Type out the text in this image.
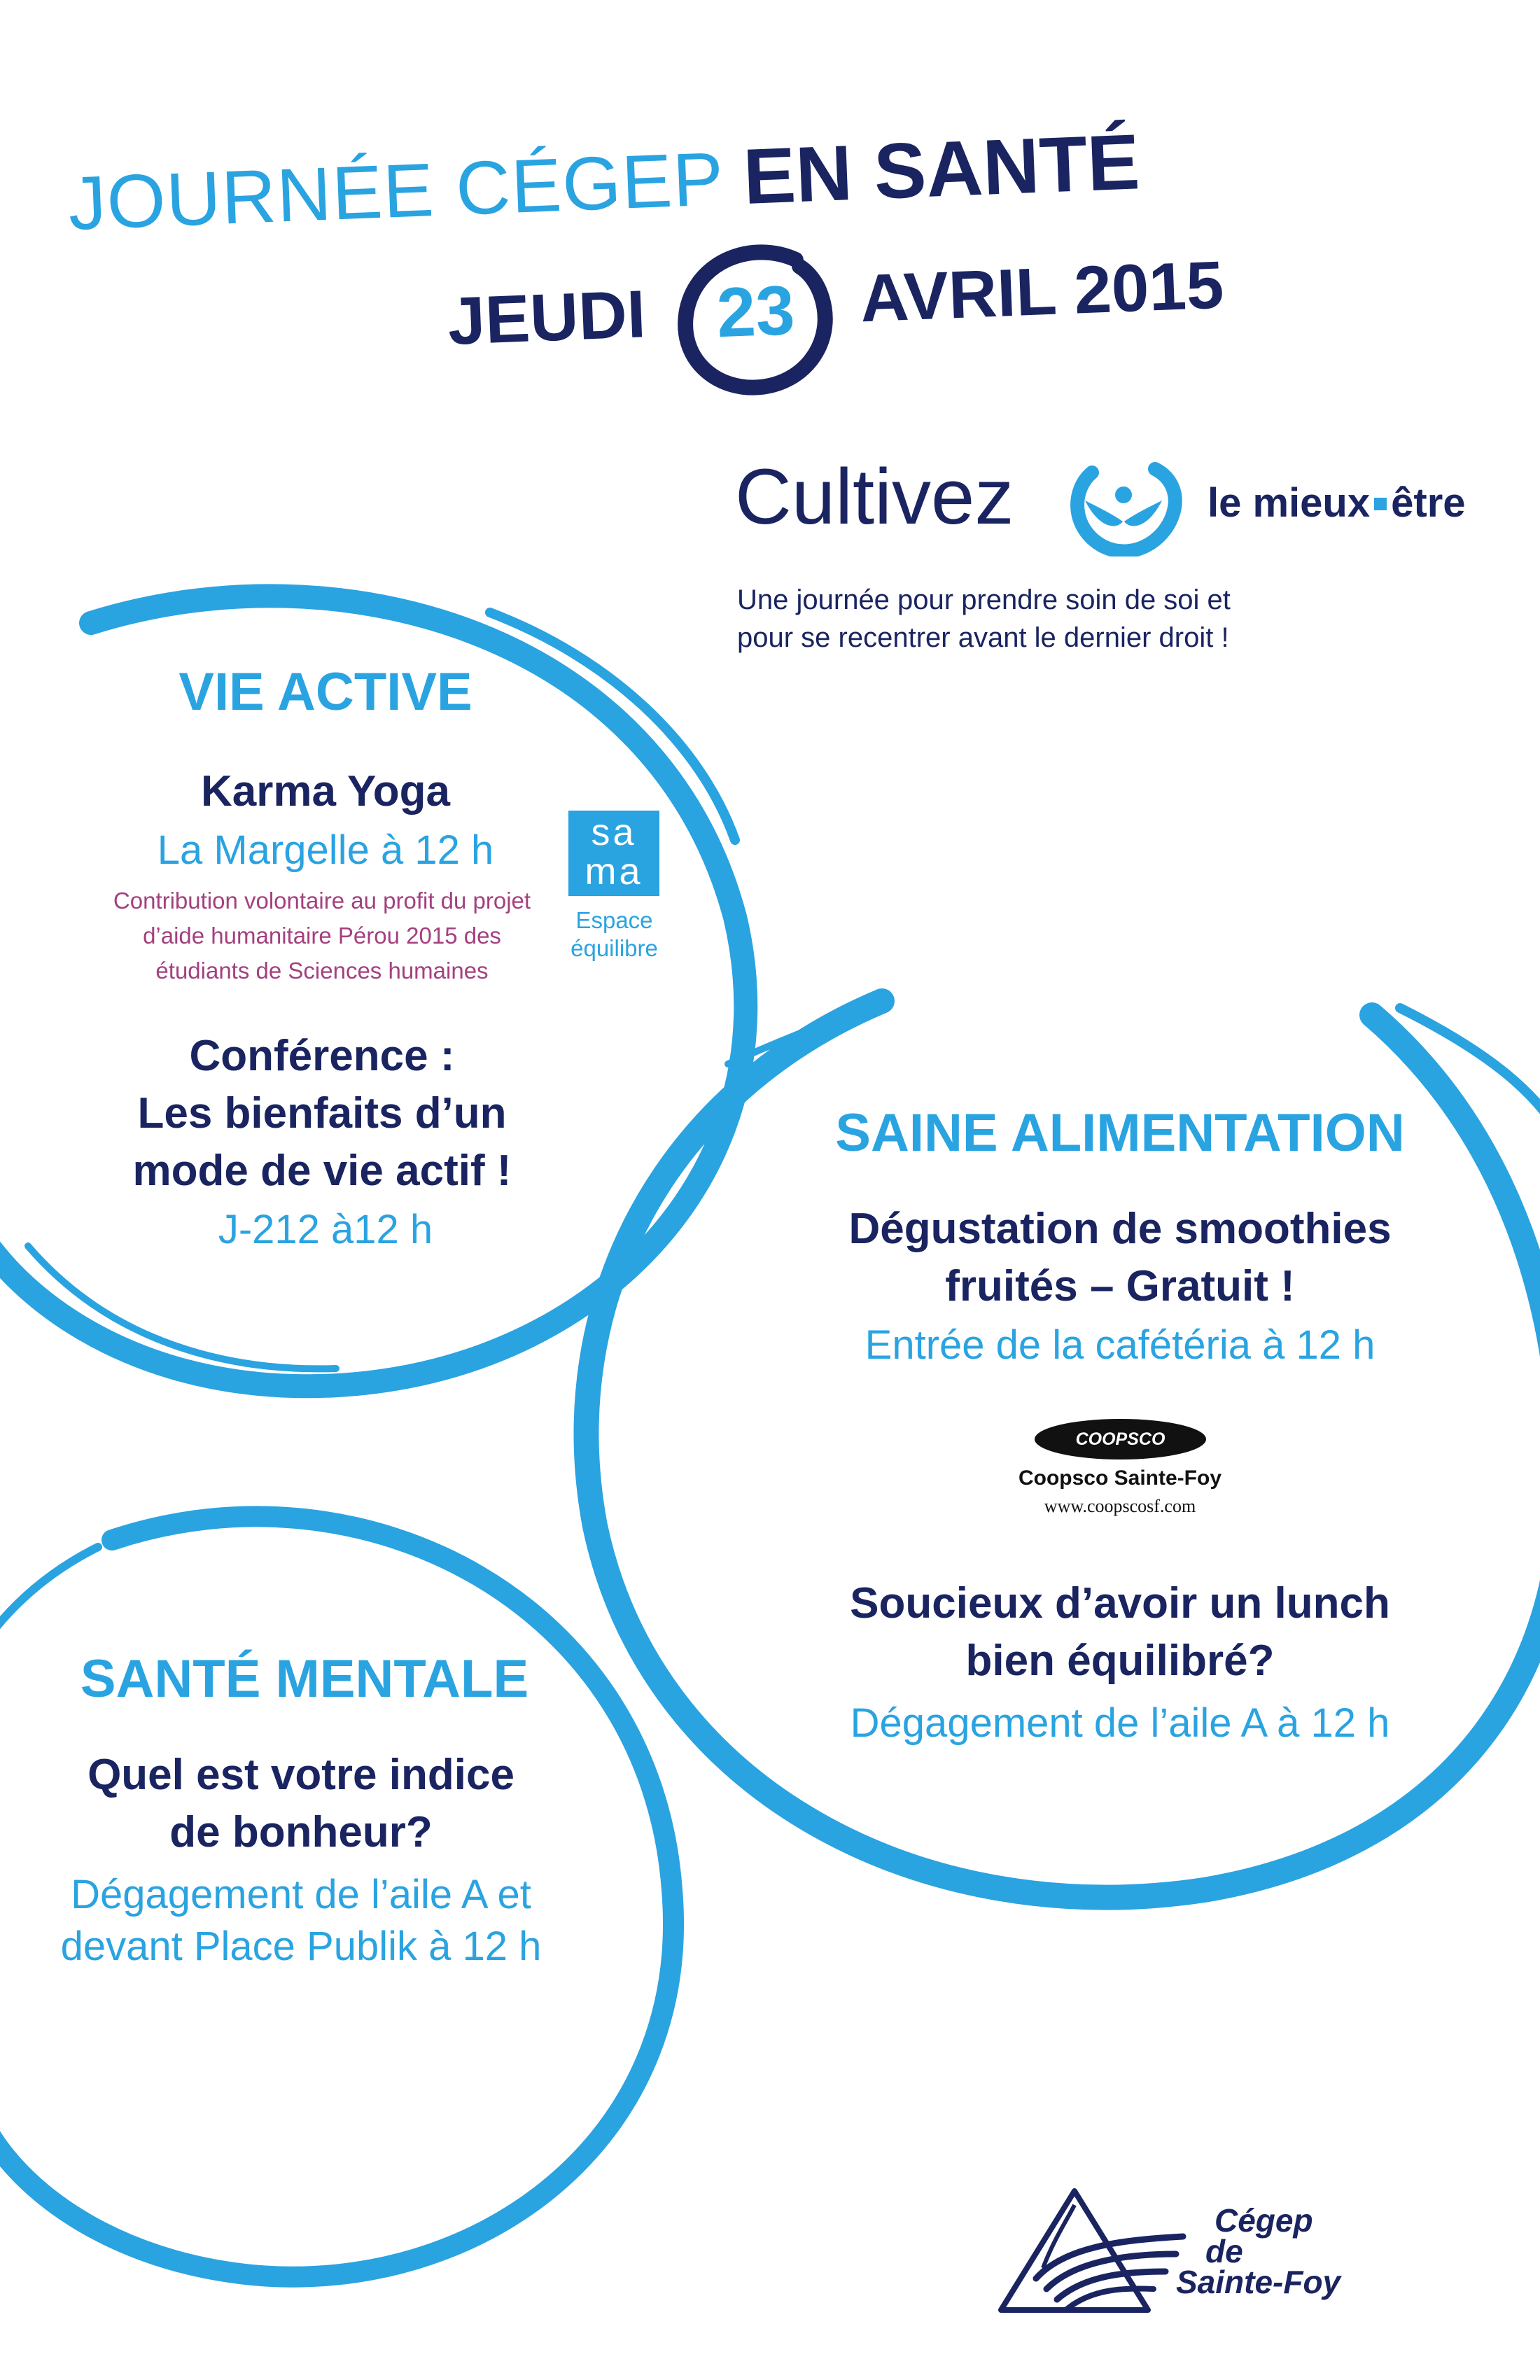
JOURNÉE CÉGEP EN SANTÉ
JEUDI 23 AVRIL 2015
Cultivez	le mieux être
Une journée pour prendre soin de soi et
pour se recentrer avant le dernier droit !
VIE ACTIVE
Karma Yoga
La Margelle à 12 h
Contribution volontaire au profit du projet
d’aide humanitaire Pérou 2015 des
étudiants de Sciences humaines
sa
ma
Espace
équilibre
Conférence :
Les bienfaits d’un
mode de vie actif !
J-212 à12 h
SAINE ALIMENTATION
Dégustation de smoothies
fruités – Gratuit !
Entrée de la cafétéria à 12 h
COOPSCO
Coopsco Sainte-Foy
www.coopscosf.com
Soucieux d’avoir un lunch
bien équilibré?
Dégagement de l’aile A à 12 h
SANTÉ MENTALE
Quel est votre indice
de bonheur?
Dégagement de l’aile A et
devant Place Publik à 12 h
Cégep
de
Sainte-Foy
